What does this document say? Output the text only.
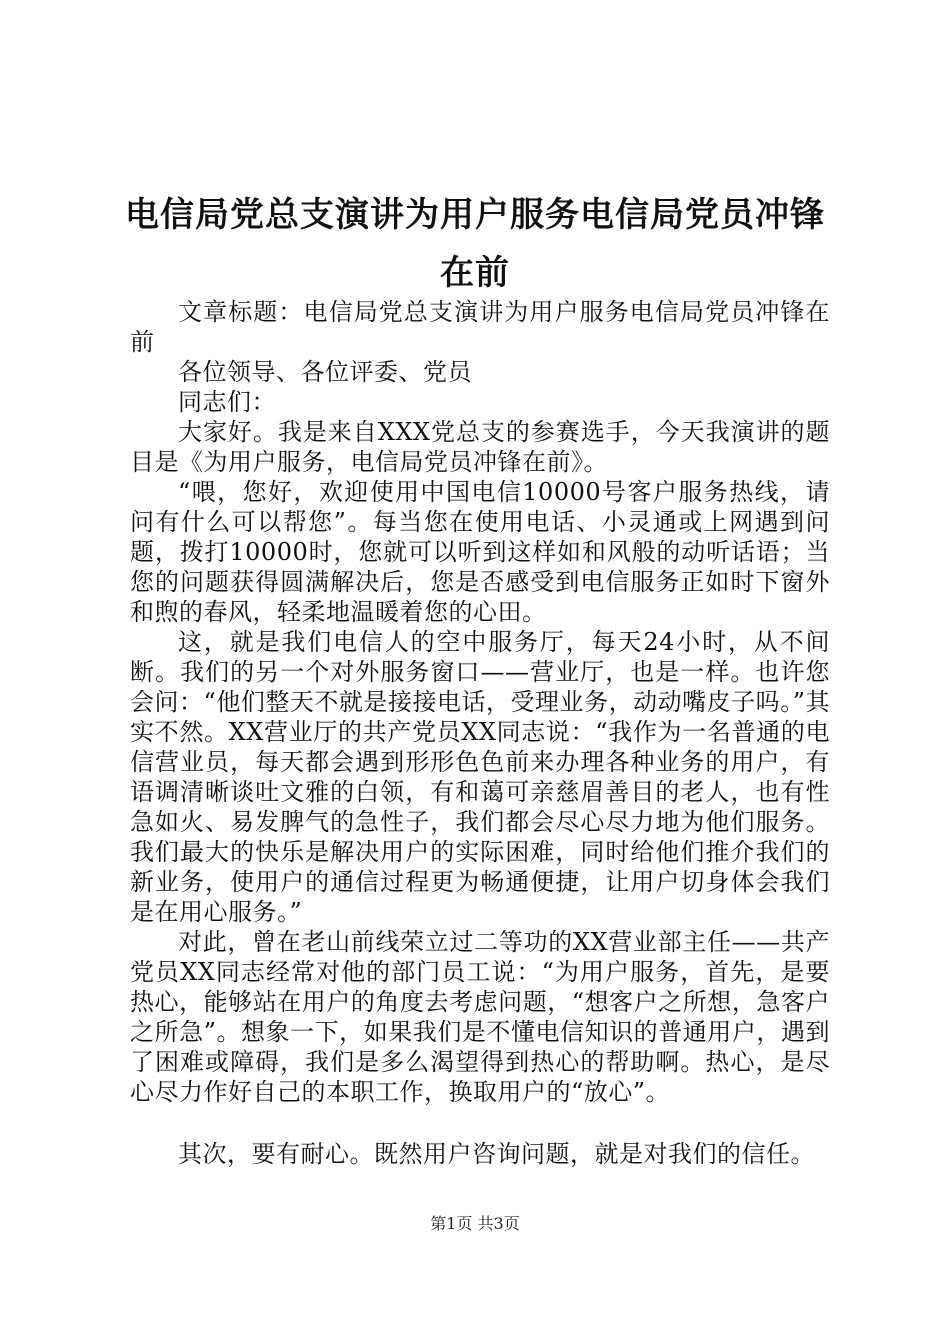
电信局党总支演讲为用户服务电信局党员冲锋在前

文章标题：电信局党总支演讲为用户服务电信局党员冲锋在前

各位领导、各位评委、党员

同志们：

大家好。我是来自XXX党总支的参赛选手，今天我演讲的题目是《为用户服务，电信局党员冲锋在前》。

“喂，您好，欢迎使用中国电信10000号客户服务热线，请问有什么可以帮您”。每当您在使用电话、小灵通或上网遇到问题，拨打10000时，您就可以听到这样如和风般的动听话语；当您的问题获得圆满解决后，您是否感受到电信服务正如时下窗外和煦的春风，轻柔地温暖着您的心田。

这，就是我们电信人的空中服务厅，每天24小时，从不间断。我们的另一个对外服务窗口——营业厅，也是一样。也许您会问：“他们整天不就是接接电话，受理业务，动动嘴皮子吗。”其实不然。XX营业厅的共产党员XX同志说：“我作为一名普通的电信营业员，每天都会遇到形形色色前来办理各种业务的用户，有语调清晰谈吐文雅的白领，有和蔼可亲慈眉善目的老人，也有性急如火、易发脾气的急性子，我们都会尽心尽力地为他们服务。我们最大的快乐是解决用户的实际困难，同时给他们推介我们的新业务，使用户的通信过程更为畅通便捷，让用户切身体会我们是在用心服务。”

对此，曾在老山前线荣立过二等功的XX营业部主任——共产党员XX同志经常对他的部门员工说：“为用户服务，首先，是要热心，能够站在用户的角度去考虑问题，“想客户之所想，急客户之所急”。想象一下，如果我们是不懂电信知识的普通用户，遇到了困难或障碍，我们是多么渴望得到热心的帮助啊。热心，是尽心尽力作好自己的本职工作，换取用户的“放心”。

其次，要有耐心。既然用户咨询问题，就是对我们的信任。

第1页 共3页
